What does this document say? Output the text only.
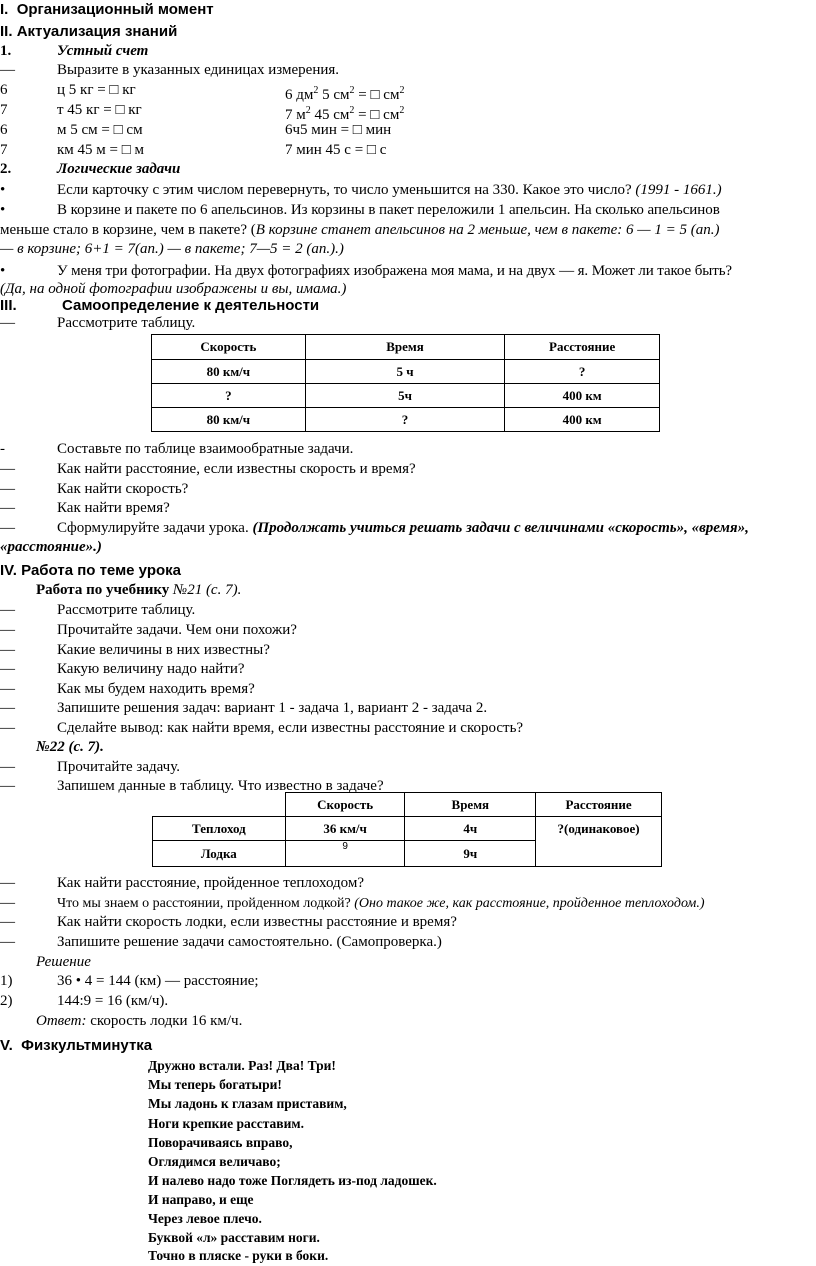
I. Организационный момент
II. Актуализация знаний
1.	Устный счет
—	Выразите в указанных единицах измерения.
6	ц 5 кг = □ кг	6 $дм^2$ 5 $см^2$ = □ $см^2$
7	т 45 кг = □ кг	7 $м^2$ 45 $см^2$ = □ $см^2$
6	м 5 см = □ см	6ч5 мин = □ мин
7	км 45 м = □ м	7 мин 45 с = □ с
2.	Логические задачи
•	Если карточку с этим числом перевернуть, то число уменьшится на 330. Какое это число? (1991 - 1661.)
•	В корзине и пакете по 6 апельсинов. Из корзины в пакет переложили 1 апельсин. На сколько апельсинов
меньше стало в корзине, чем в пакете? (В корзине станет апельсинов на 2 меньше, чем в пакете: 6 — 1 = 5 (ап.)
— в корзине; 6+1 = 7(ап.) — в пакете; 7—5 = 2 (ап.).)
•	У меня три фотографии. На двух фотографиях изображена моя мама, и на двух — я. Может ли такое быть?
(Да, на одной фотографии изображены и вы, имама.)
III.	Самоопределение к деятельности
—	Рассмотрите таблицу.
Скорость	Время	Расстояние
80 км/ч	5 ч	?
?	5ч	400 км
80 км/ч	?	400 км
-	Составьте по таблице взаимообратные задачи.
—	Как найти расстояние, если известны скорость и время?
—	Как найти скорость?
—	Как найти время?
—	Сформулируйте задачи урока. (Продолжать учиться решать задачи с величинами «скорость», «время»,
«расстояние».)
IV. Работа по теме урока
Работа по учебнику №21 (с. 7).
—	Рассмотрите таблицу.
—	Прочитайте задачи. Чем они похожи?
—	Какие величины в них известны?
—	Какую величину надо найти?
—	Как мы будем находить время?
—	Запишите решения задач: вариант 1 - задача 1, вариант 2 - задача 2.
—	Сделайте вывод: как найти время, если известны расстояние и скорость?
№22 (с. 7).
—	Прочитайте задачу.
—	Запишем данные в таблицу. Что известно в задаче?
	Скорость	Время	Расстояние
Теплоход	36 км/ч	4ч	?(одинаковое)
Лодка	9	9ч	
—	Как найти расстояние, пройденное теплоходом?
—	Что мы знаем о расстоянии, пройденном лодкой? (Оно такое же, как расстояние, пройденное теплоходом.)
—	Как найти скорость лодки, если известны расстояние и время?
—	Запишите решение задачи самостоятельно. (Самопроверка.)
Решение
1)	36 • 4 = 144 (км) — расстояние;
2)	144:9 = 16 (км/ч).
Ответ: скорость лодки 16 км/ч.
V. Физкультминутка
Дружно встали. Раз! Два! Три!
Мы теперь богатыри!
Мы ладонь к глазам приставим,
Ноги крепкие расставим.
Поворачиваясь вправо,
Оглядимся величаво;
И налево надо тоже Поглядеть из-под ладошек.
И направо, и еще
Через левое плечо.
Буквой «л» расставим ноги.
Точно в пляске - руки в боки.
